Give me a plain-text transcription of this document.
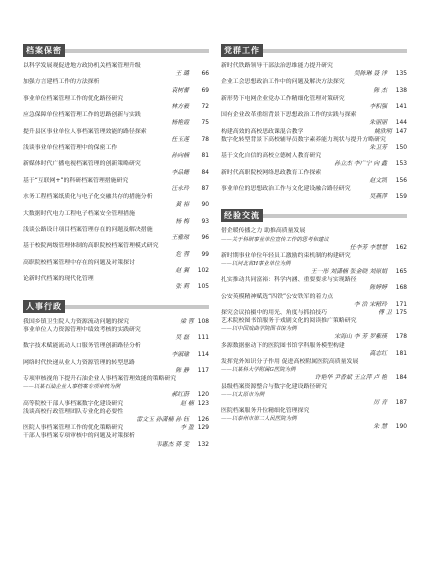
档案保密
以科学发展观促进地方政协机关档案管理升级
王 璐	66
加强方言建档工作的方法探析
袁树蕾	69
事业单位档案管理工作的优化路径研究
林方毅	72
应急保障单位档案管理工作的思路创新与实践
杨艳霞	75
提升县区事业单位人事档案管理效能的路径探索
任玉莲	78
浅谈事业单位档案管理中的保密工作
孙向楠	81
新媒体时代广播电视档案管理的创新策略研究
李品姗	84
基于“互联网+”的科研档案管理措施研究
汪永玲	87
水务工程档案纸质化与电子化交融共存的措施分析
黄 裕	90
大数据时代电力工程电子档案安全管理措施
杨 梅	93
浅谈公路设计项目档案管理存在的问题及解决措施
王雅琼	96
基于校院两级管理体制的高职院校档案管理模式研究
危 蓉	99
高职院校档案管理中存在的问题及对策探讨
赵 翼	102
论新时代档案的现代化管理
张 莉	105
人事行政
我国乡镇卫生院人力资源流动问题的探究	梁 蓉 108
事业单位人力资源管理中绩效考核的实践研究
吴 磊	111
数字技术赋能流动人口服务管理创新路径分析
李淑瑜	114
网络时代快递从业人力资源管理的转型思路
陈 静	117
专项审核视角下提升石油企业人事档案管理效能的策略研究
——以某石油企业人事档案专项审核为例
郝红蔚	120
高等院校干部人事档案数字化建设研究	赵 楠 123
浅谈高校行政管理团队专业化的必要性
雷文玉 孙潇楠 孙 钰	126
医院人事档案管理工作的优化策略研究	李 盈 129
干部人事档案专项审核中的问题及对策探析
韦惠杰 蒋 雯	132
党群工作
新时代铁路领导干部法治思维能力提升研究
吴陈琳 聂 洋	135
企业工会思想政治工作中的问题及解决方法探究
陈 杰	138
新形势下电网企业党办工作精细化管理对策研究
李积强	141
国有企业改革重组背景下思想政治工作的实践与探索
朱丽丽	144
构建高效的高校思政课混合教学	姚欣明 147
数字化转型背景下高校辅导员数字素养能力现状与提升方略研究
朱卫芳	150
基于文化自信的高校立德树人教育研究
孙立杰 李广宁 向 鑫	153
新时代高职院校网络思政教育工作探索
赵文凯	156
事业单位的思想政治工作与文化建设融合路径研究
吴燕萍	159
经验交流
借企暖传播之力 助推高质量发展
——关于科研事业单位宣传工作的思考和建议
任李芳 李慧慧	162
新时期事业单位年轻员工激励约束机制的构建研究
——以河北省H事业单位为例
王一彤 刘潇楠 张金晓 刘原娟	165
扎实推动共同富裕：科学内涵、重要要求与实现路径
陈婷婷	168
公安英模精神赋选“四铁”公安铁军的着力点
李 浩 宋精玲	171
探究会议拍摄中的用光、角度与抓拍技巧	傅 卫 175
艺术院校图书馆服务于戏剧文化的阅读推广策略研究
——以中国戏曲学院图书馆为例
宋海山 李 芳 罗紫瑛	178
多源数据驱动下的医院图书馆学科服务模型构建
高志红	181
发挥党外知识分子作用 促进高校附属医院高质量发展
——以某科大学附属G医院为例
许艳华 尹香斌 王立萍 卢 艳	184
县级档案资源整合与数字化建设路径研究
——以太原市为例
厉 青	187
医院档案服务升位精细化管理探究
——以泰州市第二人民医院为例
朱 慧	190
